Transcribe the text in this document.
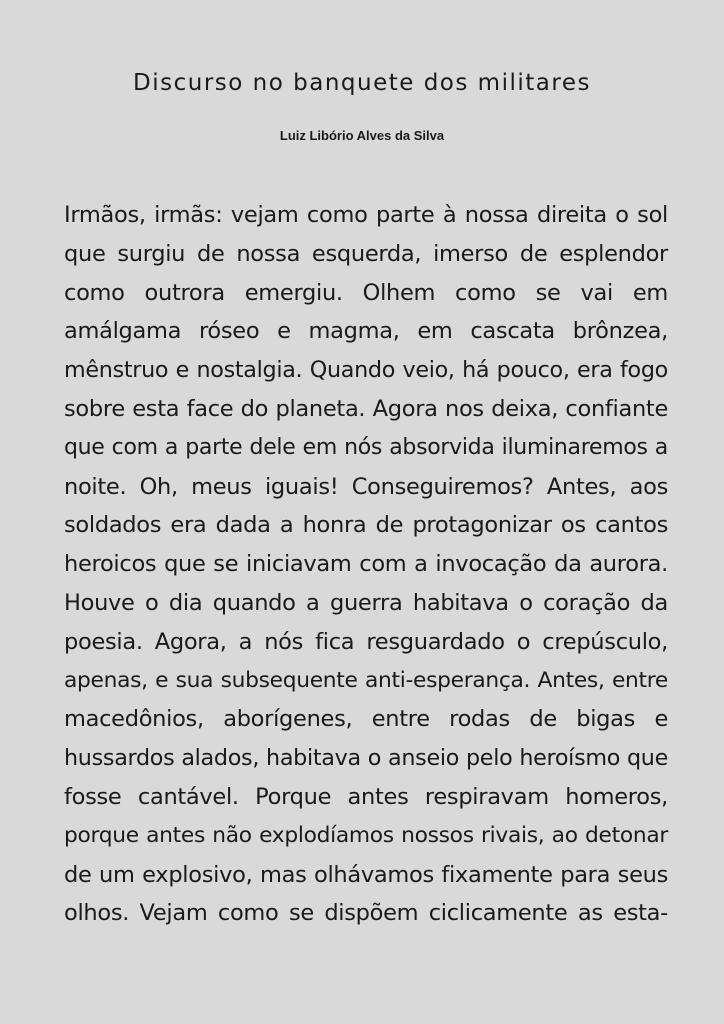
Discurso no banquete dos militares
Luiz Libório Alves da Silva
Irmãos, irmãs: vejam como parte à nossa direita o sol
que surgiu de nossa esquerda, imerso de esplendor
como outrora emergiu. Olhem como se vai em
amálgama róseo e magma, em cascata brônzea,
mênstruo e nostalgia. Quando veio, há pouco, era fogo
sobre esta face do planeta. Agora nos deixa, confiante
que com a parte dele em nós absorvida iluminaremos a
noite. Oh, meus iguais! Conseguiremos? Antes, aos
soldados era dada a honra de protagonizar os cantos
heroicos que se iniciavam com a invocação da aurora.
Houve o dia quando a guerra habitava o coração da
poesia. Agora, a nós fica resguardado o crepúsculo,
apenas, e sua subsequente anti-esperança. Antes, entre
macedônios, aborígenes, entre rodas de bigas e
hussardos alados, habitava o anseio pelo heroísmo que
fosse cantável. Porque antes respiravam homeros,
porque antes não explodíamos nossos rivais, ao detonar
de um explosivo, mas olhávamos fixamente para seus
olhos. Vejam como se dispõem ciclicamente as esta-
